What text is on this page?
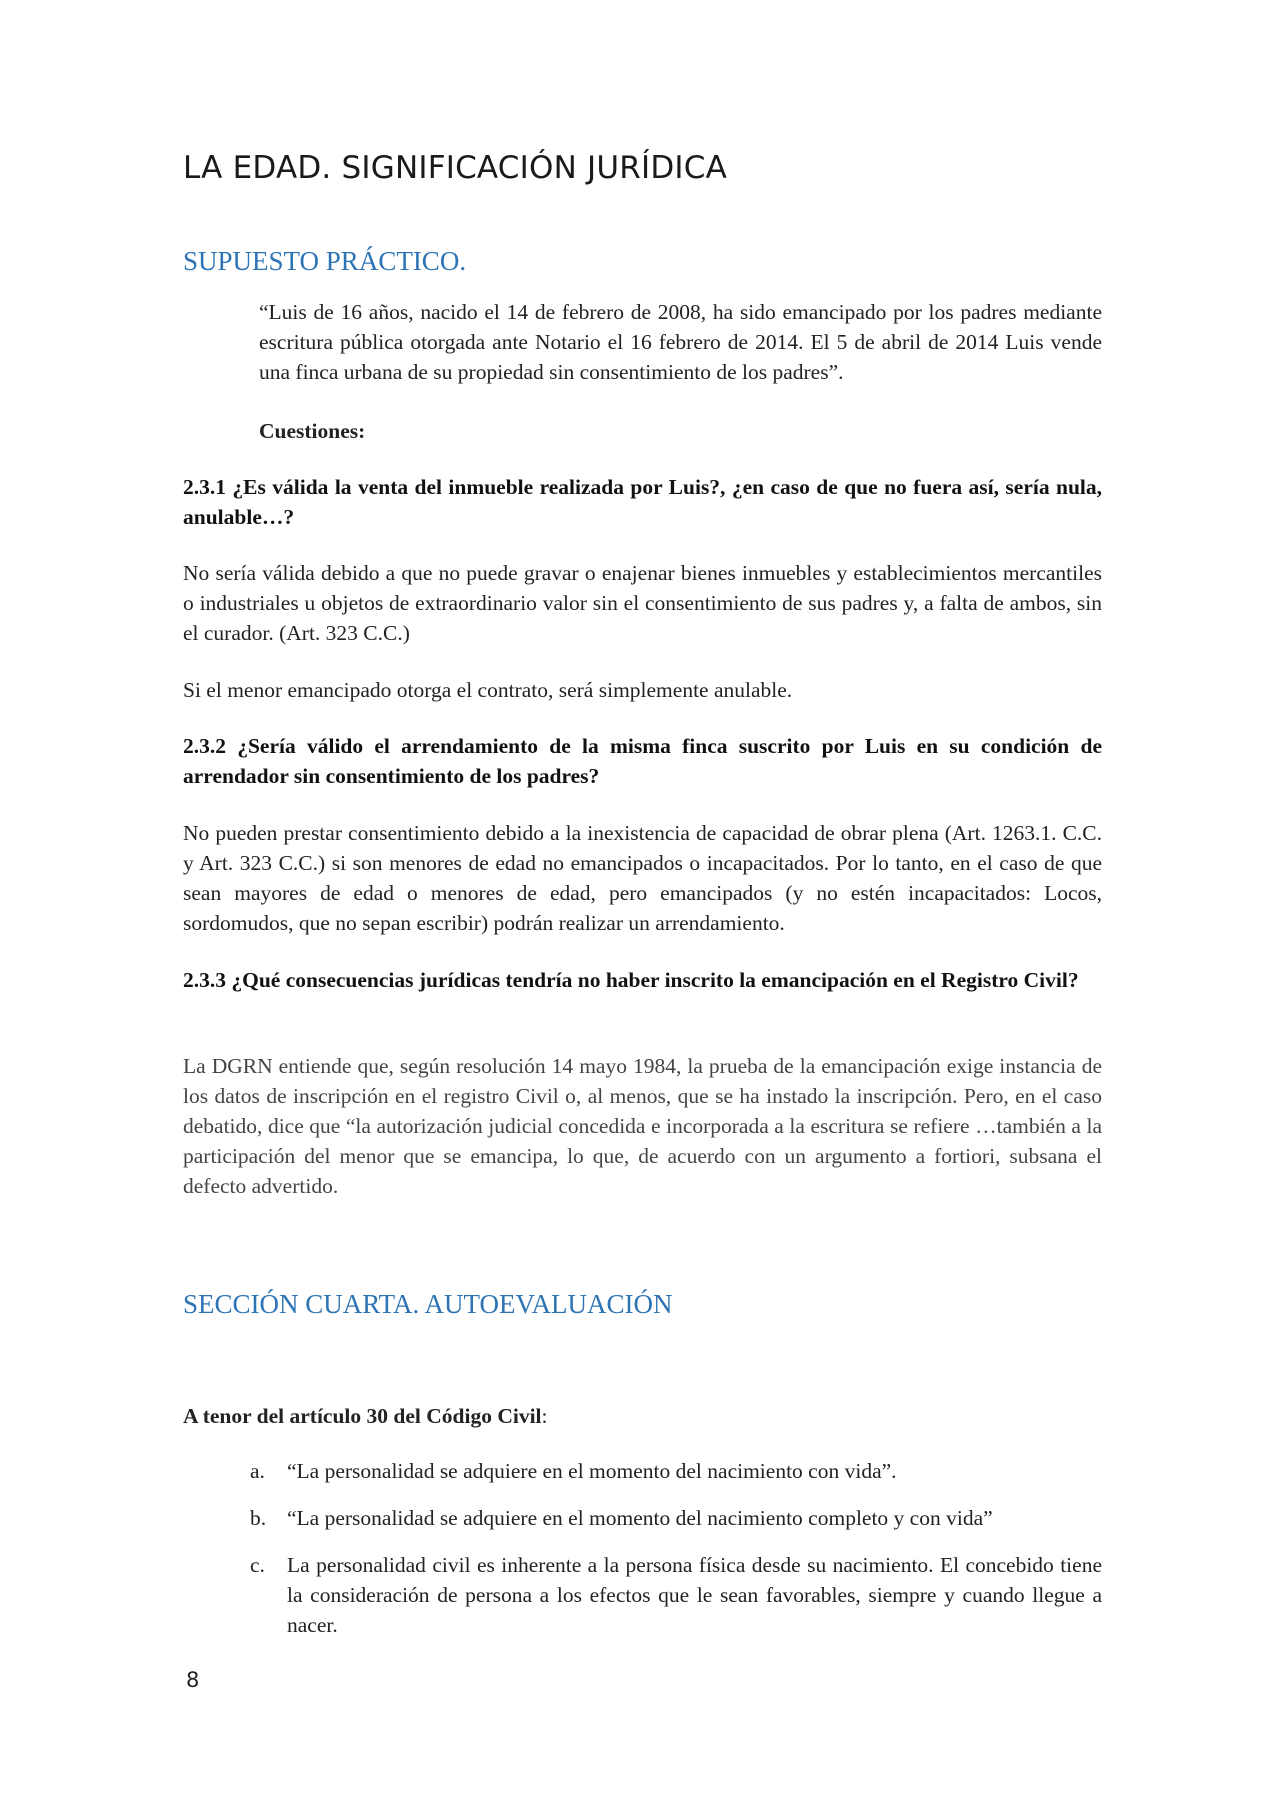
LA EDAD. SIGNIFICACIÓN JURÍDICA
SUPUESTO PRÁCTICO.

“Luis de 16 años, nacido el 14 de febrero de 2008, ha sido emancipado por los padres mediante escritura pública otorgada ante Notario el 16 febrero de 2014. El 5 de abril de 2014 Luis vende una finca urbana de su propiedad sin consentimiento de los padres”.

Cuestiones:

2.3.1 ¿Es válida la venta del inmueble realizada por Luis?, ¿en caso de que no fuera así, sería nula, anulable…?

No sería válida debido a que no puede gravar o enajenar bienes inmuebles y establecimientos mercantiles o industriales u objetos de extraordinario valor sin el consentimiento de sus padres y, a falta de ambos, sin el curador. (Art. 323 C.C.)

Si el menor emancipado otorga el contrato, será simplemente anulable.

2.3.2 ¿Sería válido el arrendamiento de la misma finca suscrito por Luis en su condición de arrendador sin consentimiento de los padres?

No pueden prestar consentimiento debido a la inexistencia de capacidad de obrar plena (Art. 1263.1. C.C. y Art. 323 C.C.) si son menores de edad no emancipados o incapacitados. Por lo tanto, en el caso de que sean mayores de edad o menores de edad, pero emancipados (y no estén incapacitados: Locos, sordomudos, que no sepan escribir) podrán realizar un arrendamiento.

2.3.3 ¿Qué consecuencias jurídicas tendría no haber inscrito la emancipación en el Registro Civil?

La DGRN entiende que, según resolución 14 mayo 1984, la prueba de la emancipación exige instancia de los datos de inscripción en el registro Civil o, al menos, que se ha instado la inscripción. Pero, en el caso debatido, dice que “la autorización judicial concedida e incorporada a la escritura se refiere …también a la participación del menor que se emancipa, lo que, de acuerdo con un argumento a fortiori, subsana el defecto advertido.

SECCIÓN CUARTA. AUTOEVALUACIÓN
A tenor del artículo 30 del Código Civil:
a. “La personalidad se adquiere en el momento del nacimiento con vida”.
b. “La personalidad se adquiere en el momento del nacimiento completo y con vida”
c. La personalidad civil es inherente a la persona física desde su nacimiento. El concebido tiene la consideración de persona a los efectos que le sean favorables, siempre y cuando llegue a nacer.
8
